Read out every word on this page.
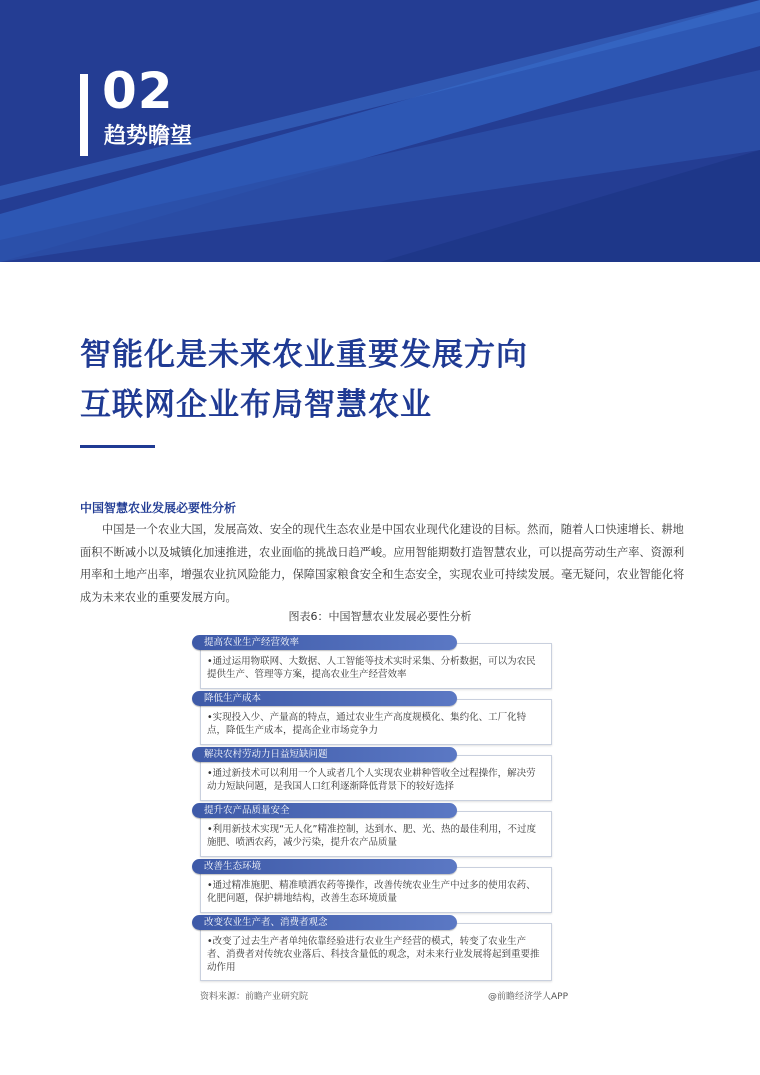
02
趋势瞻望
智能化是未来农业重要发展方向
互联网企业布局智慧农业
中国智慧农业发展必要性分析

中国是一个农业大国，发展高效、安全的现代生态农业是中国农业现代化建设的目标。然而，随着人口快速增长、耕地面积不断减小以及城镇化加速推进，农业面临的挑战日趋严峻。应用智能期数打造智慧农业，可以提高劳动生产率、资源利用率和土地产出率，增强农业抗风险能力，保障国家粮食安全和生态安全，实现农业可持续发展。毫无疑问，农业智能化将成为未来农业的重要发展方向。

图表6：中国智慧农业发展必要性分析
提高农业生产经营效率

•通过运用物联网、大数据、人工智能等技术实时采集、分析数据，可以为农民提供生产、管理等方案，提高农业生产经营效率

降低生产成本

•实现投入少、产量高的特点，通过农业生产高度规模化、集约化、工厂化特点，降低生产成本，提高企业市场竞争力

解决农村劳动力日益短缺问题

•通过新技术可以利用一个人或者几个人实现农业耕种管收全过程操作，解决劳动力短缺问题，是我国人口红利逐渐降低背景下的较好选择

提升农产品质量安全

•利用新技术实现“无人化”精准控制，达到水、肥、光、热的最佳利用，不过度施肥、喷洒农药，减少污染，提升农产品质量

改善生态环境

•通过精准施肥、精准喷洒农药等操作，改善传统农业生产中过多的使用农药、化肥问题，保护耕地结构，改善生态环境质量

改变农业生产者、消费者观念

•改变了过去生产者单纯依靠经验进行农业生产经营的模式，转变了农业生产者、消费者对传统农业落后、科技含量低的观念，对未来行业发展将起到重要推动作用

资料来源：前瞻产业研究院	@前瞻经济学人APP
